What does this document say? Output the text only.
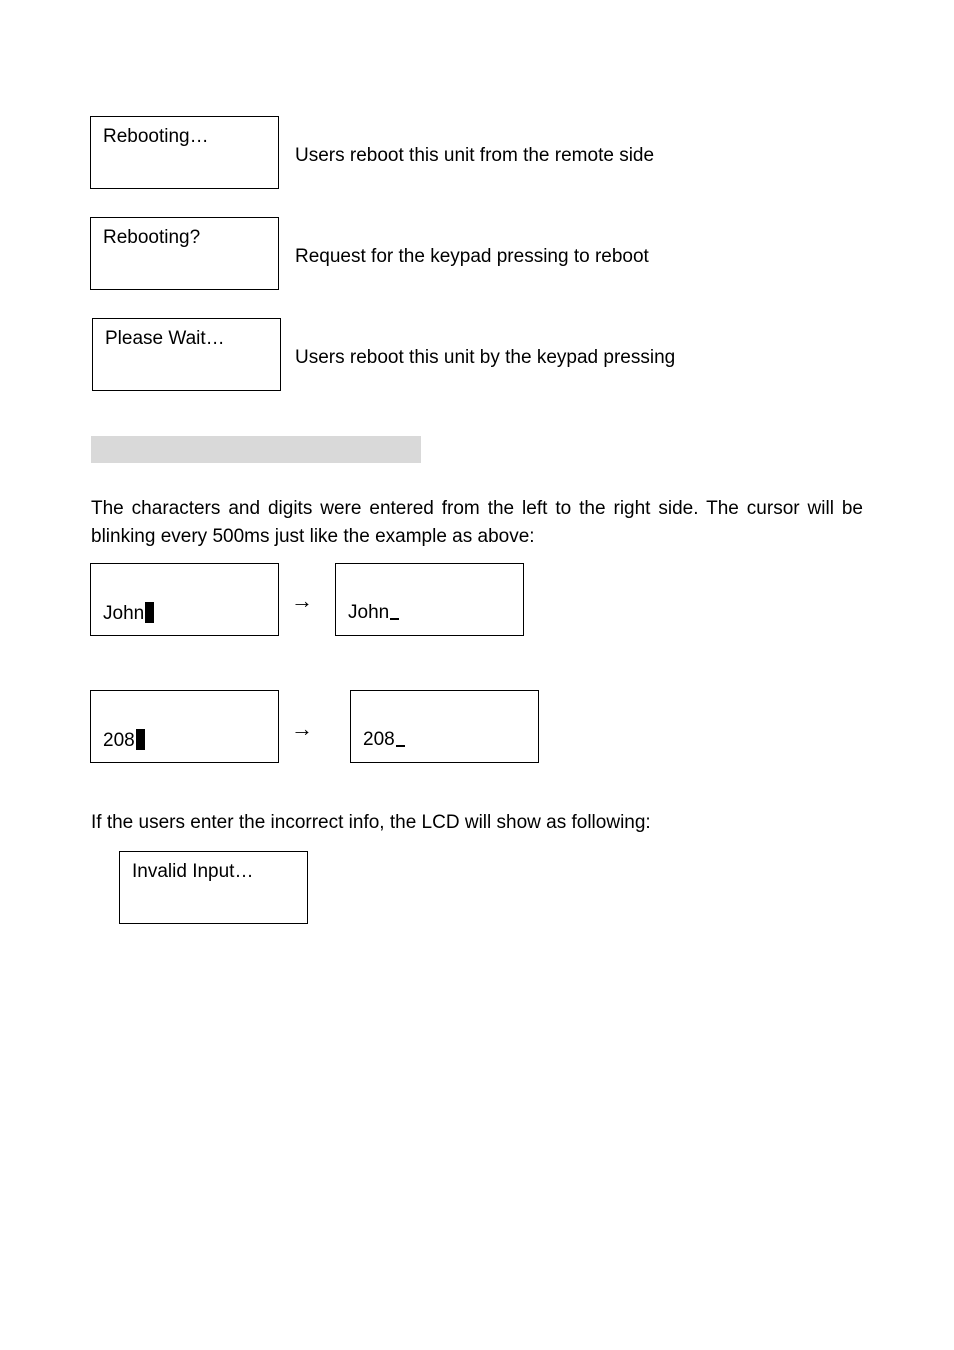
Rebooting…
Users reboot this unit from the remote side
Rebooting?
Request for the keypad pressing to reboot
Please Wait…
Users reboot this unit by the keypad pressing
The characters and digits were entered from the left to the right side. The cursor will be blinking every 500ms just like the example as above:
John
→ John
208	→	208
If the users enter the incorrect info, the LCD will show as following:
Invalid Input…
